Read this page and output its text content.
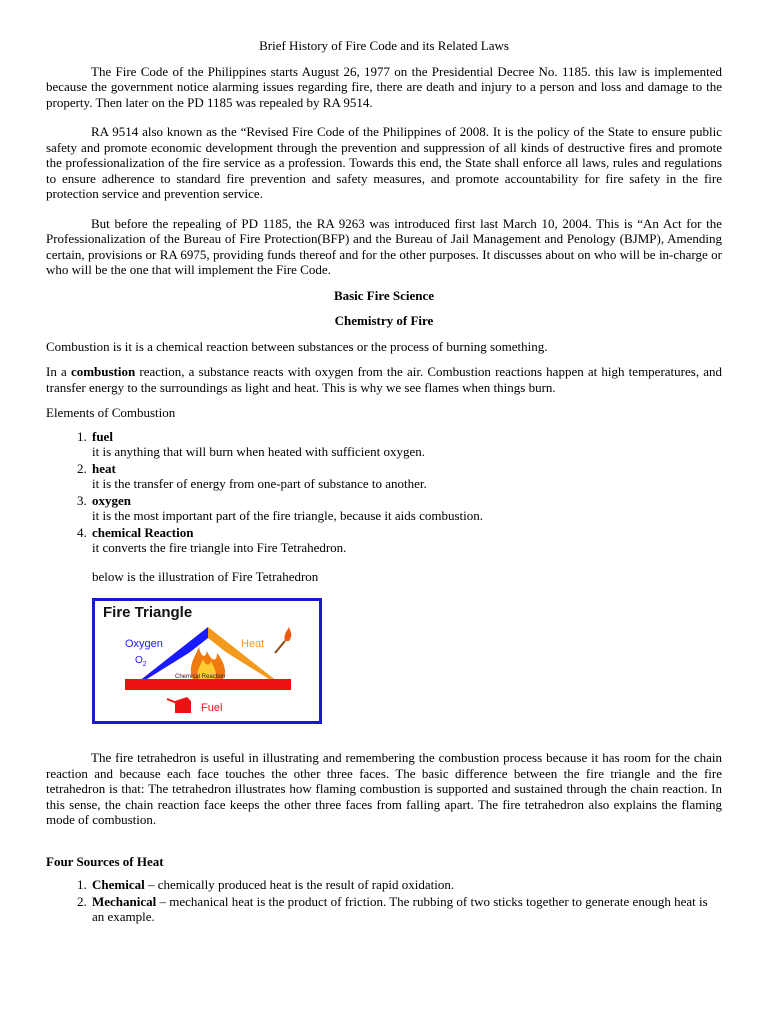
Brief History of Fire Code and its Related Laws

The Fire Code of the Philippines starts August 26, 1977 on the Presidential Decree No. 1185. this law is implemented because the government notice alarming issues regarding fire, there are death and injury to a person and loss and damage to the property. Then later on the PD 1185 was repealed by RA 9514.

RA 9514 also known as the “Revised Fire Code of the Philippines of 2008. It is the policy of the State to ensure public safety and promote economic development through the prevention and suppression of all kinds of destructive fires and promote the professionalization of the fire service as a profession. Towards this end, the State shall enforce all laws, rules and regulations to ensure adherence to standard fire prevention and safety measures, and promote accountability for fire safety in the fire protection service and prevention service.

But before the repealing of PD 1185, the RA 9263 was introduced first last March 10, 2004. This is “An Act for the Professionalization of the Bureau of Fire Protection(BFP) and the Bureau of Jail Management and Penology (BJMP), Amending certain, provisions or RA 6975, providing funds thereof and for the other purposes. It discusses about on who will be in-charge or who will be the one that will implement the Fire Code.

Basic Fire Science

Chemistry of Fire

Combustion is it is a chemical reaction between substances or the process of burning something.

In a combustion reaction, a substance reacts with oxygen from the air. Combustion reactions happen at high temperatures, and transfer energy to the surroundings as light and heat. This is why we see flames when things burn.

Elements of Combustion

1. fuel
it is anything that will burn when heated with sufficient oxygen.
2. heat
it is the transfer of energy from one-part of substance to another.
3. oxygen
it is the most important part of the fire triangle, because it aids combustion.
4. chemical Reaction
it converts the fire triangle into Fire Tetrahedron.

below is the illustration of Fire Tetrahedron

Fire Triangle
Oxygen
$O_2$
Heat
Chemical Reaction
Fuel

The fire tetrahedron is useful in illustrating and remembering the combustion process because it has room for the chain reaction and because each face touches the other three faces. The basic difference between the fire triangle and the fire tetrahedron is that: The tetrahedron illustrates how flaming combustion is supported and sustained through the chain reaction. In this sense, the chain reaction face keeps the other three faces from falling apart. The fire tetrahedron also explains the flaming mode of combustion.

Four Sources of Heat

1. Chemical – chemically produced heat is the result of rapid oxidation.
2. Mechanical – mechanical heat is the product of friction. The rubbing of two sticks together to generate enough heat is an example.
